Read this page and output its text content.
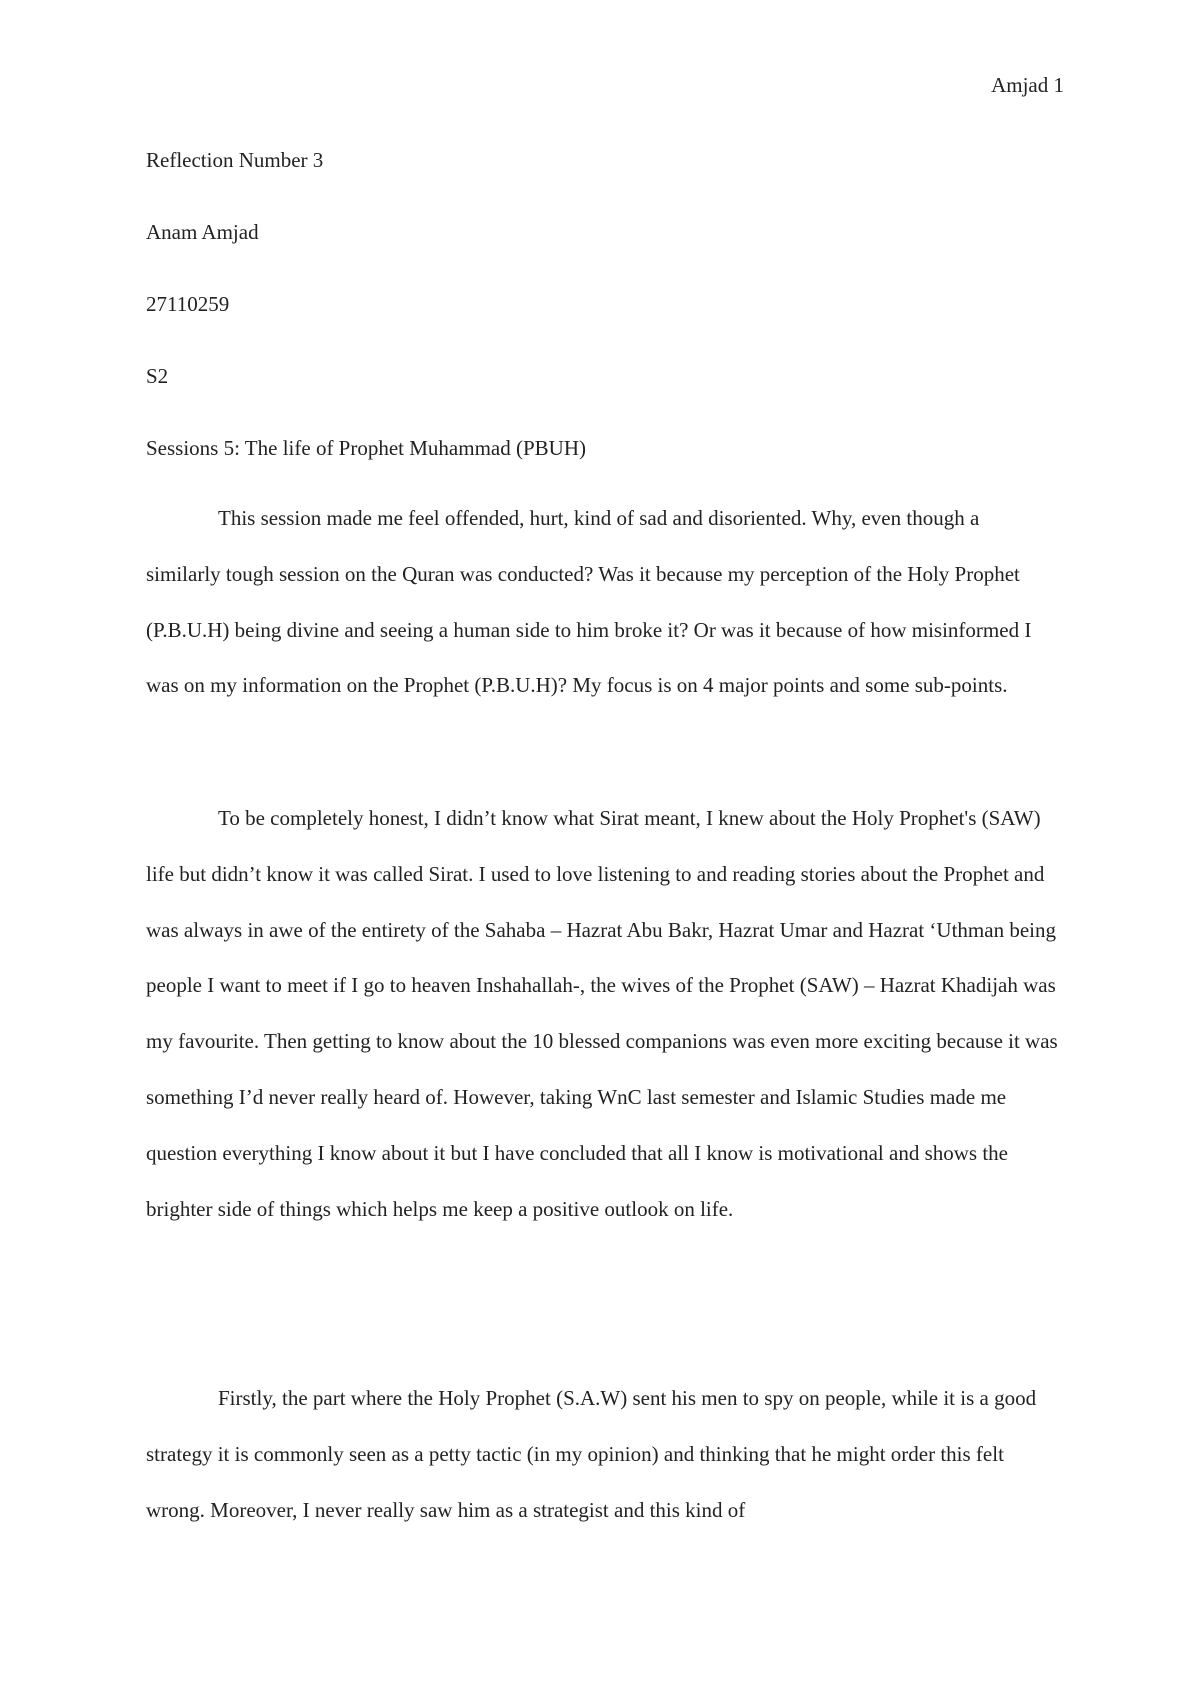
Amjad 1
Reflection Number 3
Anam Amjad
27110259
S2
Sessions 5: The life of Prophet Muhammad (PBUH)

This session made me feel offended, hurt, kind of sad and disoriented. Why, even though a similarly tough session on the Quran was conducted? Was it because my perception of the Holy Prophet (P.B.U.H) being divine and seeing a human side to him broke it? Or was it because of how misinformed I was on my information on the Prophet (P.B.U.H)? My focus is on 4 major points and some sub-points.

To be completely honest, I didn’t know what Sirat meant, I knew about the Holy Prophet's (SAW) life but didn’t know it was called Sirat. I used to love listening to and reading stories about the Prophet and was always in awe of the entirety of the Sahaba – Hazrat Abu Bakr, Hazrat Umar and Hazrat ‘Uthman being people I want to meet if I go to heaven Inshahallah-, the wives of the Prophet (SAW) – Hazrat Khadijah was my favourite. Then getting to know about the 10 blessed companions was even more exciting because it was something I’d never really heard of. However, taking WnC last semester and Islamic Studies made me question everything I know about it but I have concluded that all I know is motivational and shows the brighter side of things which helps me keep a positive outlook on life.

Firstly, the part where the Holy Prophet (S.A.W) sent his men to spy on people, while it is a good strategy it is commonly seen as a petty tactic (in my opinion) and thinking that he might order this felt wrong. Moreover, I never really saw him as a strategist and this kind of
